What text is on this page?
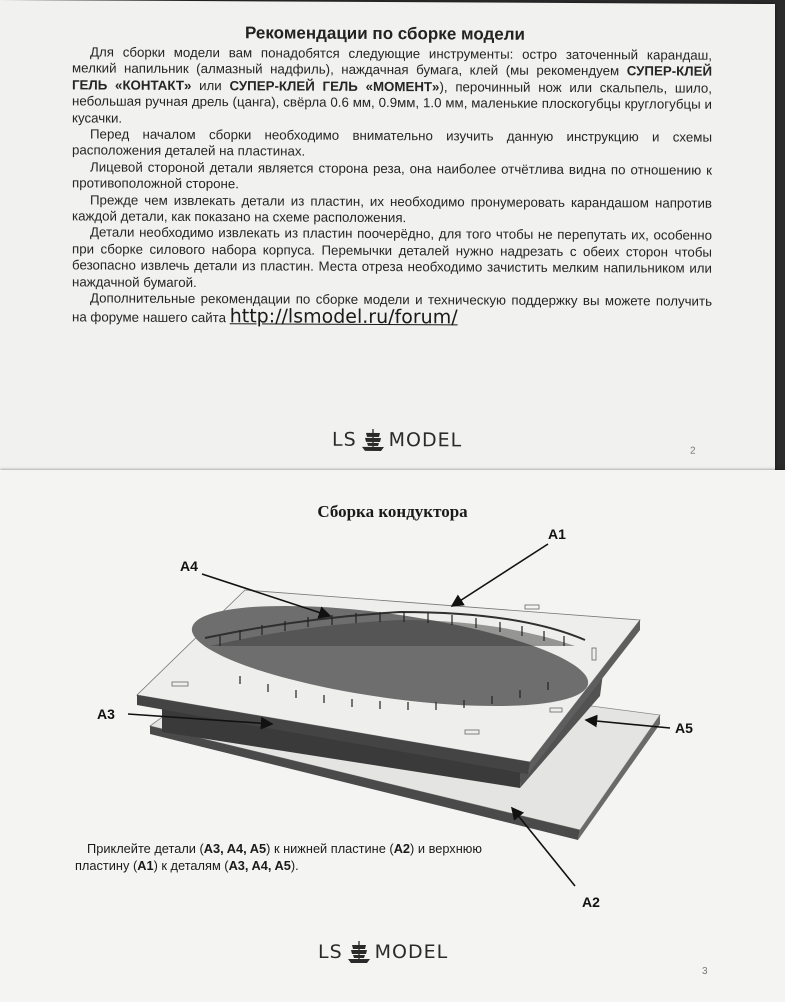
Рекомендации по сборке модели

Для сборки модели вам понадобятся следующие инструменты: остро заточенный карандаш, мелкий напильник (алмазный надфиль), наждачная бумага, клей (мы рекомендуем СУПЕР-КЛЕЙ ГЕЛЬ «КОНТАКТ» или СУПЕР-КЛЕЙ ГЕЛЬ «МОМЕНТ»), перочинный нож или скальпель, шило, небольшая ручная дрель (цанга), свёрла 0.6 мм, 0.9мм, 1.0 мм, маленькие плоскогубцы круглогубцы и кусачки.

Перед началом сборки необходимо внимательно изучить данную инструкцию и схемы расположения деталей на пластинах.

Лицевой стороной детали является сторона реза, она наиболее отчётлива видна по отношению к противоположной стороне.

Прежде чем извлекать детали из пластин, их необходимо пронумеровать карандашом напротив каждой детали, как показано на схеме расположения.

Детали необходимо извлекать из пластин поочерёдно, для того чтобы не перепутать их, особенно при сборке силового набора корпуса. Перемычки деталей нужно надрезать с обеих сторон чтобы безопасно извлечь детали из пластин. Места отреза необходимо зачистить мелким напильником или наждачной бумагой.

Дополнительные рекомендации по сборке модели и техническую поддержку вы можете получить на форуме нашего сайта http://lsmodel.ru/forum/

LS MODEL	2
Сборка кондуктора
A1
A4
A3
A5
A2

Приклейте детали (A3, A4, A5) к нижней пластине (A2) и верхнюю пластину (A1) к деталям (A3, A4, A5).

LS MODEL
3
